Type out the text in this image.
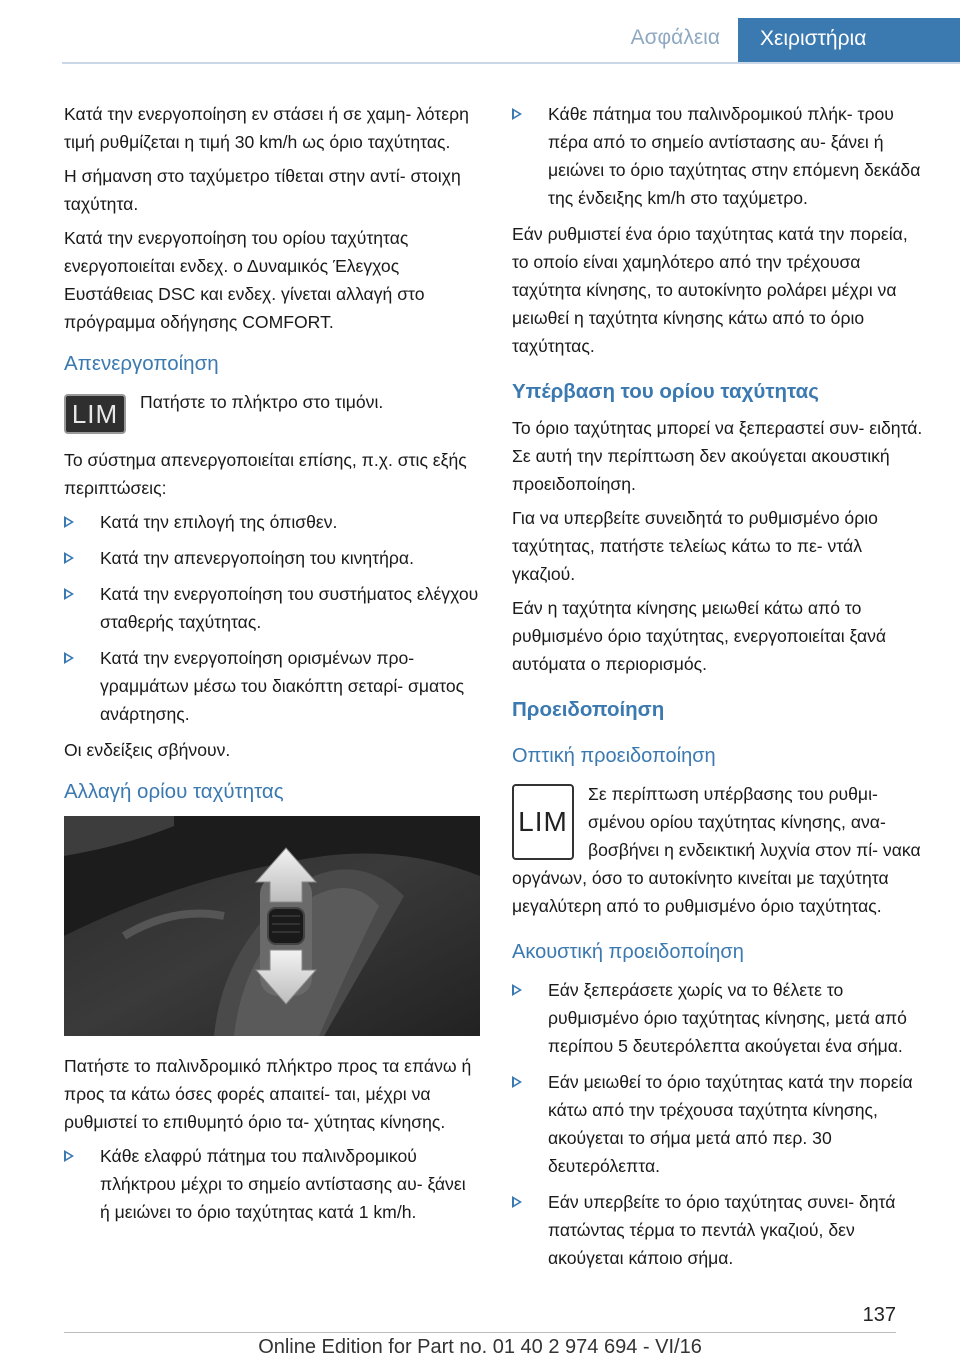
Ασφάλεια	Χειριστήρια
Κατά την ενεργοποίηση εν στάσει ή σε χαμη- λότερη τιμή ρυθμίζεται η τιμή 30 km/h ως όριο ταχύτητας.
Η σήμανση στο ταχύμετρο τίθεται στην αντί- στοιχη ταχύτητα.
Κατά την ενεργοποίηση του ορίου ταχύτητας ενεργοποιείται ενδεχ. ο Δυναμικός Έλεγχος Ευστάθειας DSC και ενδεχ. γίνεται αλλαγή στο πρόγραμμα οδήγησης COMFORT.
Απενεργοποίηση
LIM	Πατήστε το πλήκτρο στο τιμόνι.
Το σύστημα απενεργοποιείται επίσης, π.χ. στις εξής περιπτώσεις:
Κατά την επιλογή της όπισθεν.
Κατά την απενεργοποίηση του κινητήρα.
Κατά την ενεργοποίηση του συστήματος ελέγχου σταθερής ταχύτητας.
Κατά την ενεργοποίηση ορισμένων προ- γραμμάτων μέσω του διακόπτη σεταρί- σματος ανάρτησης.
Οι ενδείξεις σβήνουν.
Αλλαγή ορίου ταχύτητας
Πατήστε το παλινδρομικό πλήκτρο προς τα επάνω ή προς τα κάτω όσες φορές απαιτεί- ται, μέχρι να ρυθμιστεί το επιθυμητό όριο τα- χύτητας κίνησης.
Κάθε ελαφρύ πάτημα του παλινδρομικού πλήκτρου μέχρι το σημείο αντίστασης αυ- ξάνει ή μειώνει το όριο ταχύτητας κατά 1 km/h.
Κάθε πάτημα του παλινδρομικού πλήκ- τρου πέρα από το σημείο αντίστασης αυ- ξάνει ή μειώνει το όριο ταχύτητας στην επόμενη δεκάδα της ένδειξης km/h στο ταχύμετρο.
Εάν ρυθμιστεί ένα όριο ταχύτητας κατά την πορεία, το οποίο είναι χαμηλότερο από την τρέχουσα ταχύτητα κίνησης, το αυτοκίνητο ρολάρει μέχρι να μειωθεί η ταχύτητα κίνησης κάτω από το όριο ταχύτητας.
Υπέρβαση του ορίου ταχύτητας
Το όριο ταχύτητας μπορεί να ξεπεραστεί συν- ειδητά. Σε αυτή την περίπτωση δεν ακούγεται ακουστική προειδοποίηση.
Για να υπερβείτε συνειδητά το ρυθμισμένο όριο ταχύτητας, πατήστε τελείως κάτω το πε- ντάλ γκαζιού.
Εάν η ταχύτητα κίνησης μειωθεί κάτω από το ρυθμισμένο όριο ταχύτητας, ενεργοποιείται ξανά αυτόματα ο περιορισμός.
Προειδοποίηση
Οπτική προειδοποίηση
LIM
Σε περίπτωση υπέρβασης του ρυθμι- σμένου ορίου ταχύτητας κίνησης, ανα- βοσβήνει η ενδεικτική λυχνία στον πί- νακα οργάνων, όσο το αυτοκίνητο κινείται με ταχύτητα μεγαλύτερη από το ρυθμισμένο όριο ταχύτητας.
Ακουστική προειδοποίηση
Εάν ξεπεράσετε χωρίς να το θέλετε το ρυθμισμένο όριο ταχύτητας κίνησης, μετά από περίπου 5 δευτερόλεπτα ακούγεται ένα σήμα.
Εάν μειωθεί το όριο ταχύτητας κατά την πορεία κάτω από την τρέχουσα ταχύτητα κίνησης, ακούγεται το σήμα μετά από περ. 30 δευτερόλεπτα.
Εάν υπερβείτε το όριο ταχύτητας συνει- δητά πατώντας τέρμα το πεντάλ γκαζιού, δεν ακούγεται κάποιο σήμα.
137
Online Edition for Part no. 01 40 2 974 694 - VI/16
